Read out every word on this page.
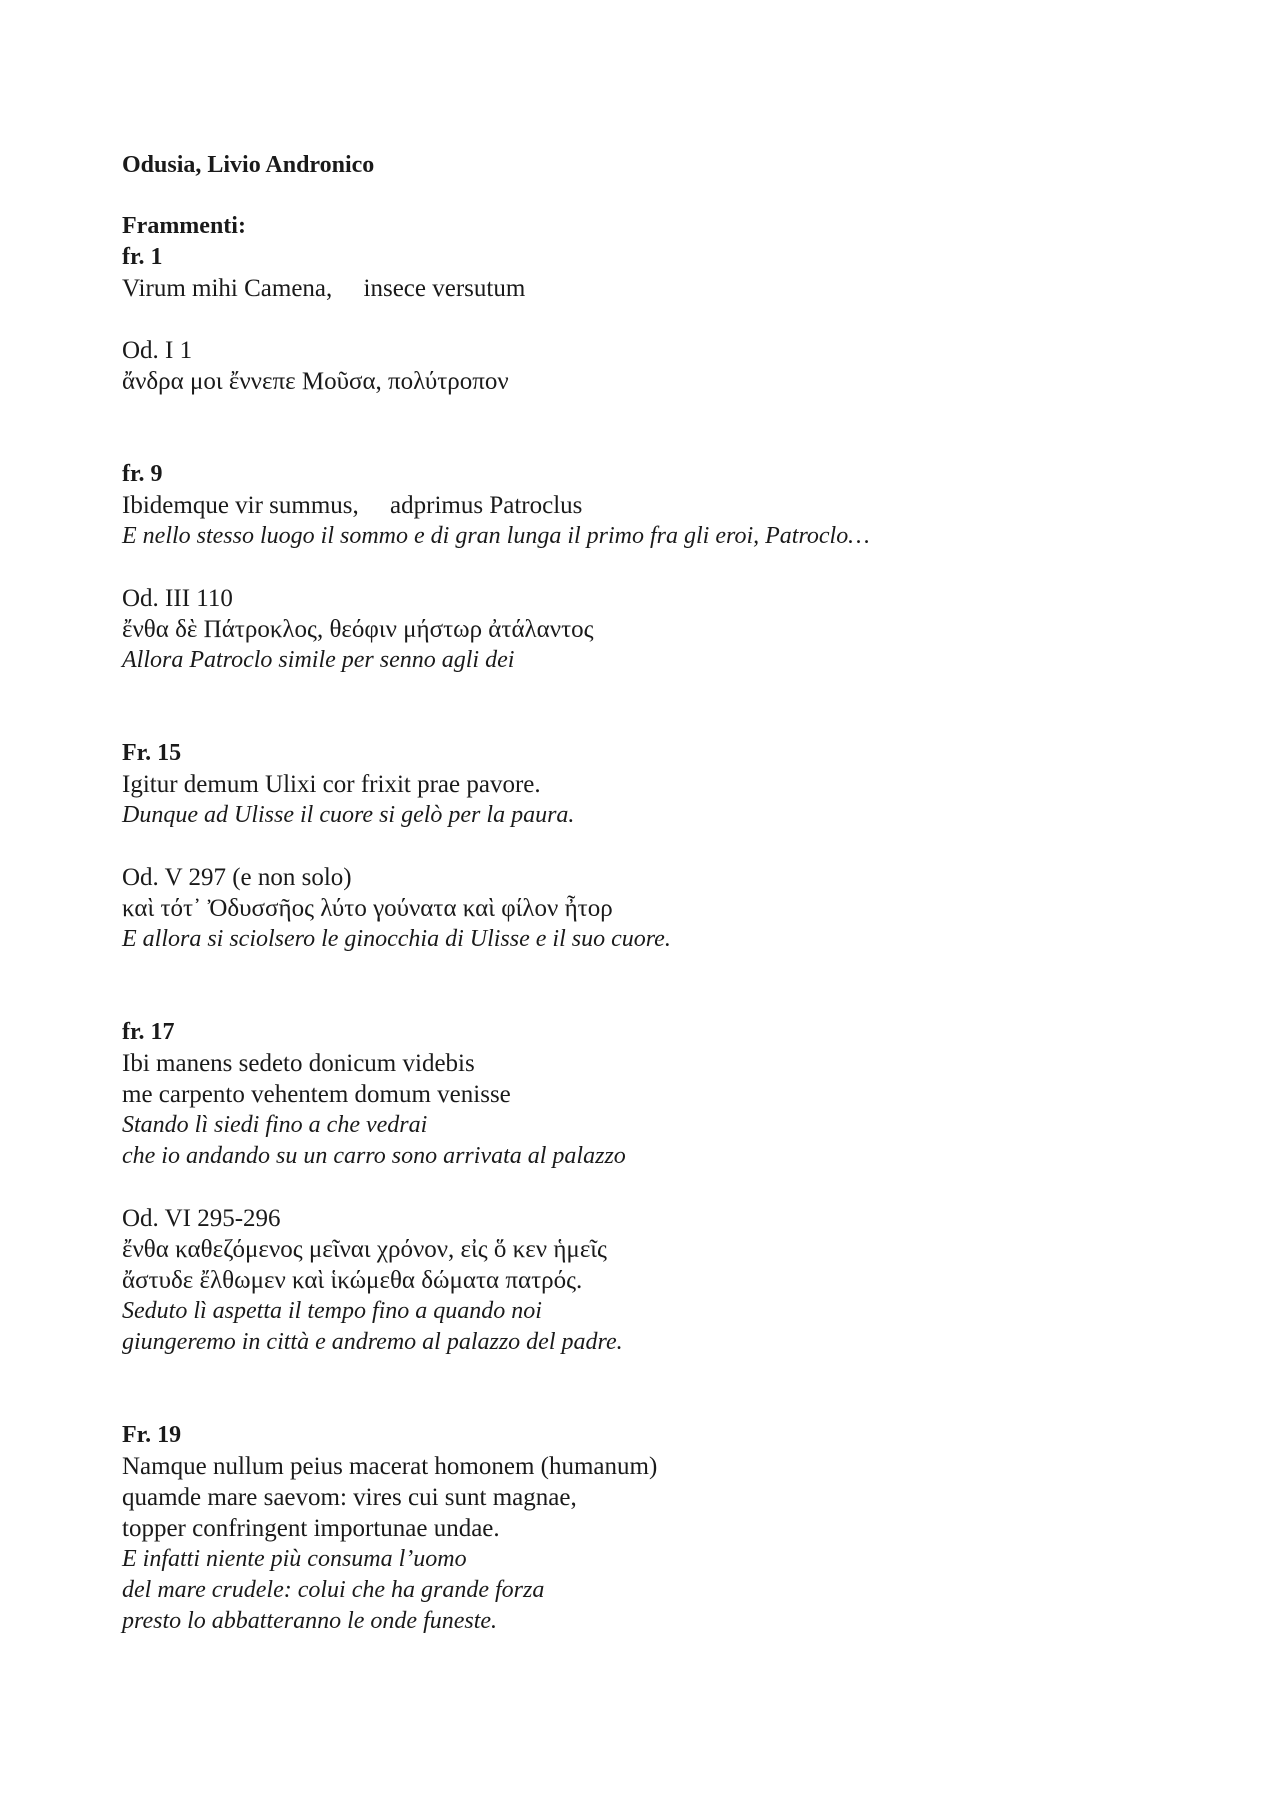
Odusia, Livio Andronico
Frammenti:
fr. 1
Virum mihi Camena,     insece versutum
Od. I 1
ἄνδρα μοι ἔννεπε Μοῦσα, πολύτροπον
fr. 9
Ibidemque vir summus,     adprimus Patroclus
E nello stesso luogo il sommo e di gran lunga il primo fra gli eroi, Patroclo…
Od. III 110
ἔνθα δὲ Πάτροκλος, θεόφιν μήστωρ ἀτάλαντος
Allora Patroclo simile per senno agli dei
Fr. 15
Igitur demum Ulixi cor frixit prae pavore.
Dunque ad Ulisse il cuore si gelò per la paura.
Od. V 297 (e non solo)
καὶ τότ᾽ Ὀδυσσῆος λύτο γούνατα καὶ φίλον ἦτορ
E allora si sciolsero le ginocchia di Ulisse e il suo cuore.
fr. 17
Ibi manens sedeto donicum videbis
me carpento vehentem domum venisse
Stando lì siedi fino a che vedrai
che io andando su un carro sono arrivata al palazzo
Od. VI 295-296
ἔνθα καθεζόμενος μεῖναι χρόνον, εἰς ὅ κεν ἡμεῖς
ἄστυδε ἔλθωμεν καὶ ἱκώμεθα δώματα πατρός.
Seduto lì aspetta il tempo fino a quando noi
giungeremo in città e andremo al palazzo del padre.
Fr. 19
Namque nullum peius macerat homonem (humanum)
quamde mare saevom: vires cui sunt magnae,
topper confringent importunae undae.
E infatti niente più consuma l’uomo
del mare crudele: colui che ha grande forza
presto lo abbatteranno le onde funeste.
